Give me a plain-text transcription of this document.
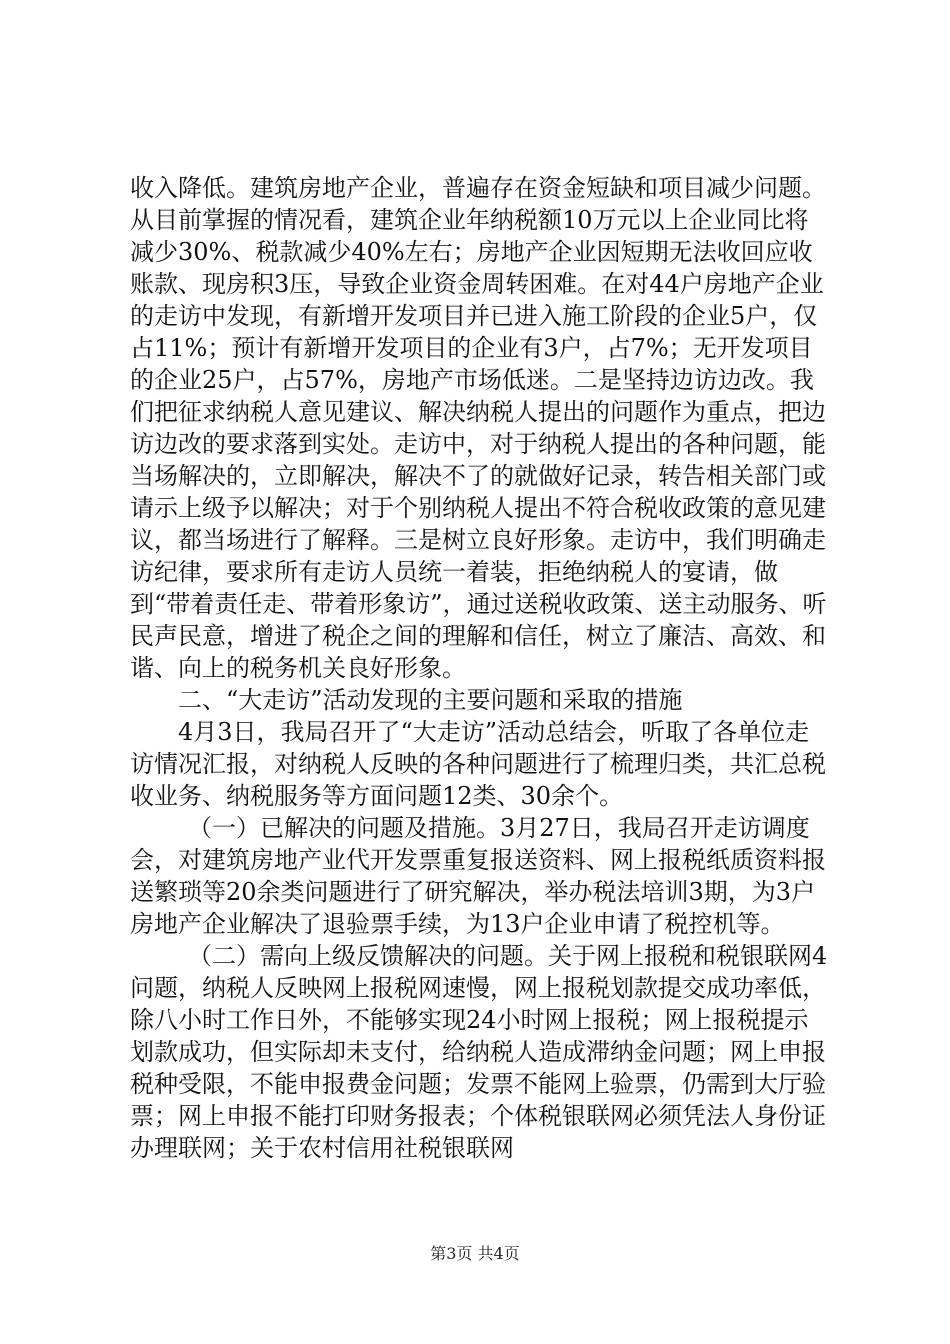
收入降低。建筑房地产企业，普遍存在资金短缺和项目减少问题。从目前掌握的情况看，建筑企业年纳税额10万元以上企业同比将减少30%、税款减少40%左右；房地产企业因短期无法收回应收账款、现房积3压，导致企业资金周转困难。在对44户房地产企业的走访中发现，有新增开发项目并已进入施工阶段的企业5户，仅占11%；预计有新增开发项目的企业有3户，占7%；无开发项目的企业25户，占57%，房地产市场低迷。二是坚持边访边改。我们把征求纳税人意见建议、解决纳税人提出的问题作为重点，把边访边改的要求落到实处。走访中，对于纳税人提出的各种问题，能当场解决的，立即解决，解决不了的就做好记录，转告相关部门或请示上级予以解决；对于个别纳税人提出不符合税收政策的意见建议，都当场进行了解释。三是树立良好形象。走访中，我们明确走访纪律，要求所有走访人员统一着装，拒绝纳税人的宴请，做到“带着责任走、带着形象访”，通过送税收政策、送主动服务、听民声民意，增进了税企之间的理解和信任，树立了廉洁、高效、和谐、向上的税务机关良好形象。

二、“大走访”活动发现的主要问题和采取的措施

4月3日，我局召开了“大走访”活动总结会，听取了各单位走访情况汇报，对纳税人反映的各种问题进行了梳理归类，共汇总税收业务、纳税服务等方面问题12类、30余个。

（一）已解决的问题及措施。3月27日，我局召开走访调度会，对建筑房地产业代开发票重复报送资料、网上报税纸质资料报送繁琐等20余类问题进行了研究解决，举办税法培训3期，为3户房地产企业解决了退验票手续，为13户企业申请了税控机等。

（二）需向上级反馈解决的问题。关于网上报税和税银联网4问题，纳税人反映网上报税网速慢，网上报税划款提交成功率低，除八小时工作日外，不能够实现24小时网上报税；网上报税提示划款成功，但实际却未支付，给纳税人造成滞纳金问题；网上申报税种受限，不能申报费金问题；发票不能网上验票，仍需到大厅验票；网上申报不能打印财务报表；个体税银联网必须凭法人身份证办理联网；关于农村信用社税银联网

第3页 共4页
